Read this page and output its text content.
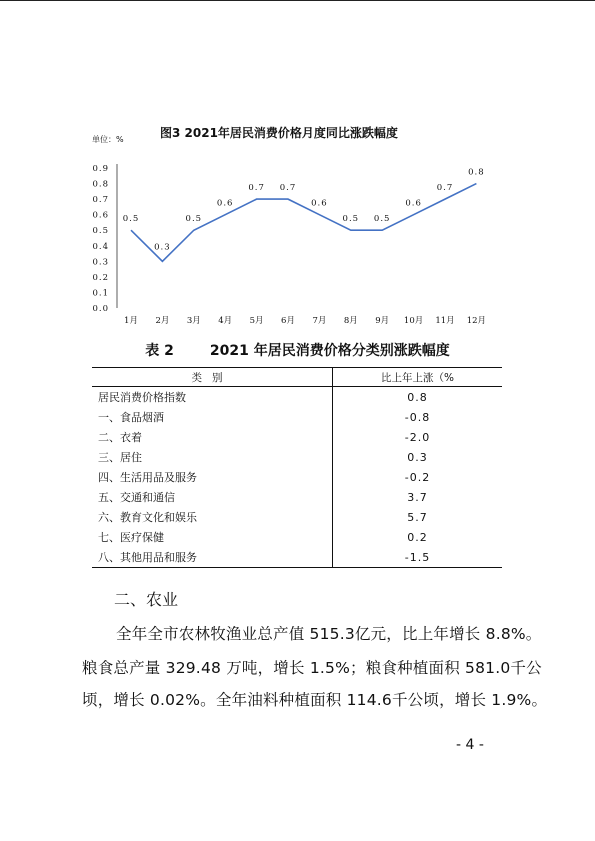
图3 2021年居民消费价格月度同比涨跌幅度
单位：%
0.0
0.1
0.2
0.3
0.4
0.5
0.6
0.7
0.8
0.9
1月 2月 3月 4月 5月 6月 7月 8月 9月 10月 11月 12月
0.5
0.3
0.5
0.6
0.7 0.7
0.6
0.5 0.5
0.6
0.7
0.8
表 2	2021 年居民消费价格分类别涨跌幅度
类别	比上年上涨（%
居民消费价格指数	0.8
一、食品烟酒	-0.8
二、衣着	-2.0
三、居住	0.3
四、生活用品及服务	-0.2
五、交通和通信	3.7
六、教育文化和娱乐	5.7
七、医疗保健	0.2
八、其他用品和服务	-1.5
二、农业
全年全市农林牧渔业总产值 515.3亿元，比上年增长 8.8%。
粮食总产量 329.48 万吨，增长 1.5%；粮食种植面积 581.0千公
顷，增长 0.02%。全年油料种植面积 114.6千公顷，增长 1.9%。
- 4 -
